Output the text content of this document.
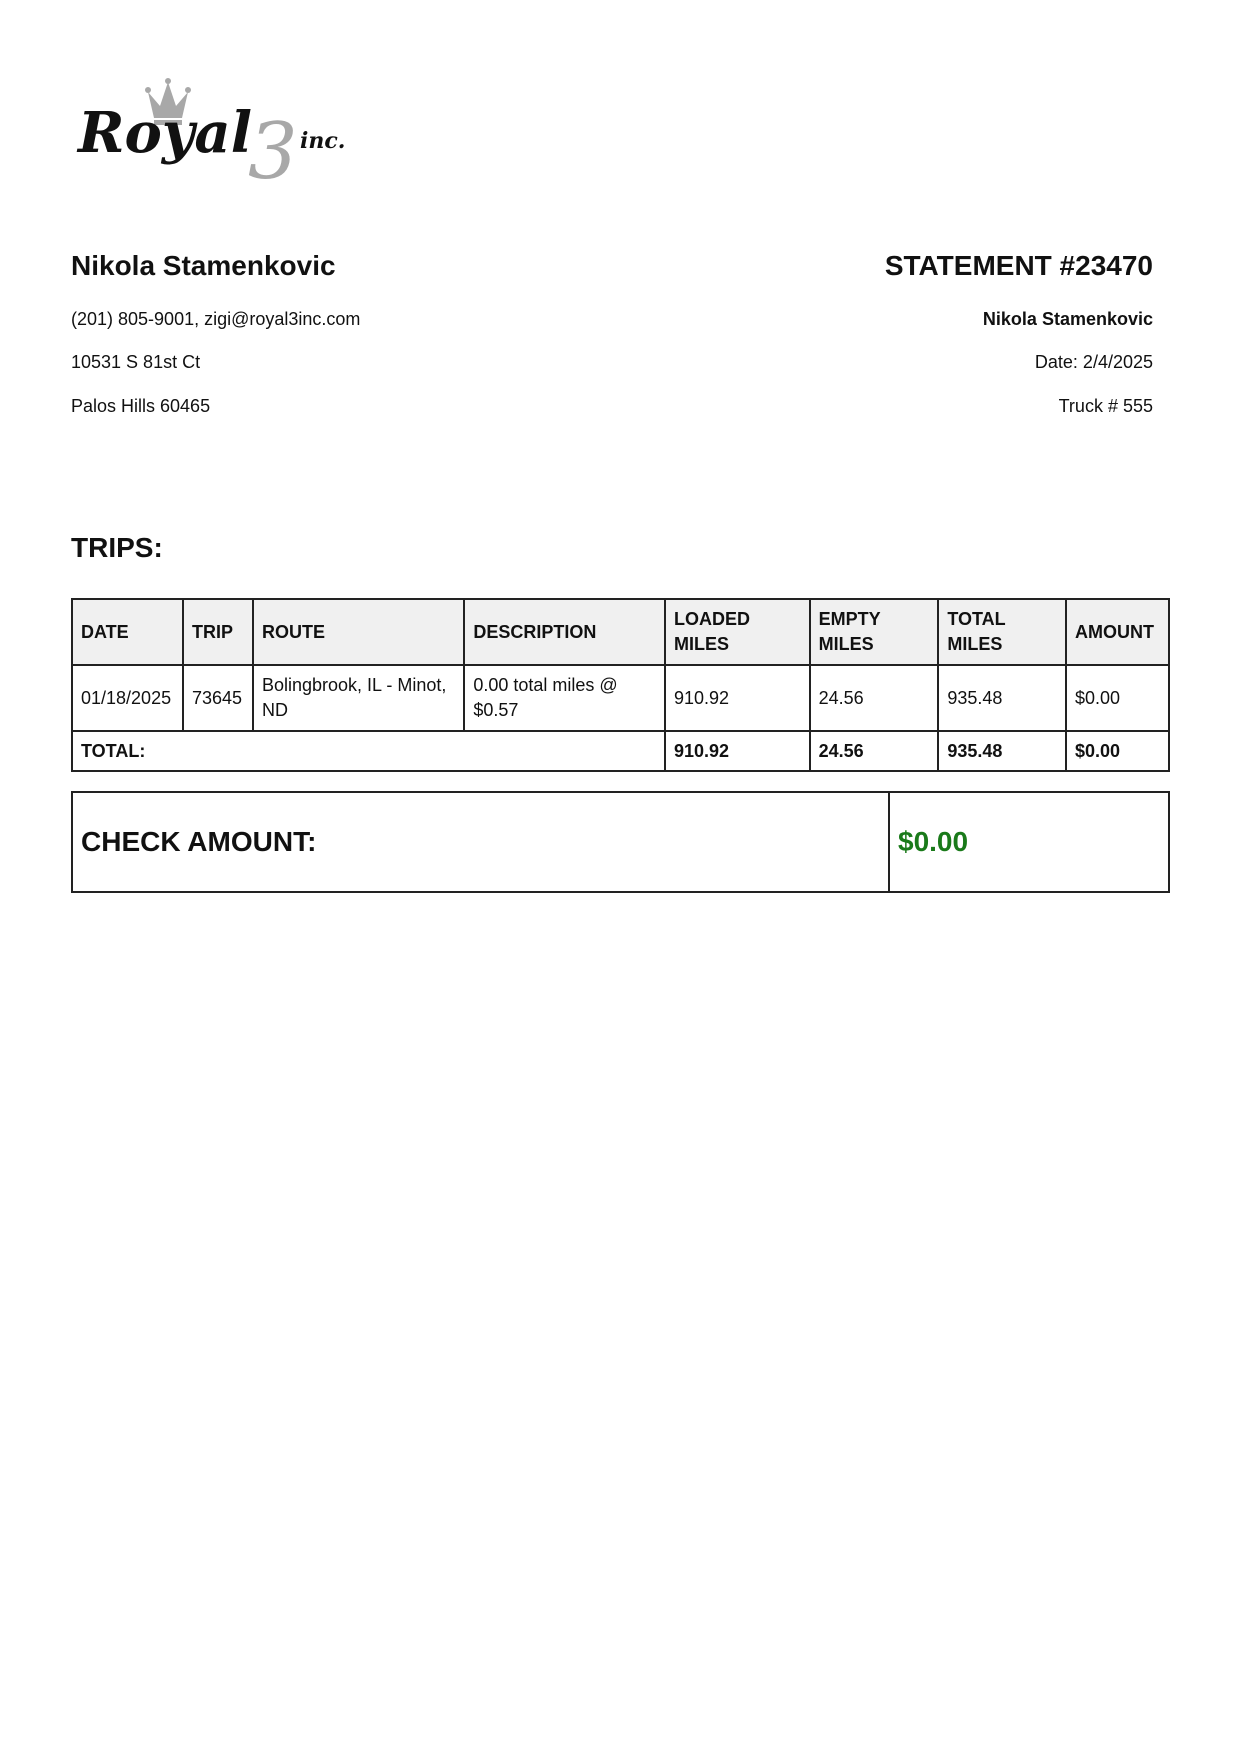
Royal
3 inc.
Nikola Stamenkovic

(201) 805-9001, zigi@royal3inc.com

10531 S 81st Ct

Palos Hills 60465

STATEMENT #23470

Nikola Stamenkovic

Date: 2/4/2025

Truck # 555

TRIPS:
DATE	TRIP	ROUTE	DESCRIPTION	LOADED MILES	EMPTY MILES	TOTAL MILES	AMOUNT
01/18/2025	73645	Bolingbrook, IL - Minot, ND	0.00 total miles @ $0.57	910.92	24.56	935.48	$0.00
TOTAL:				910.92	24.56	935.48	$0.00
CHECK AMOUNT:	$0.00
